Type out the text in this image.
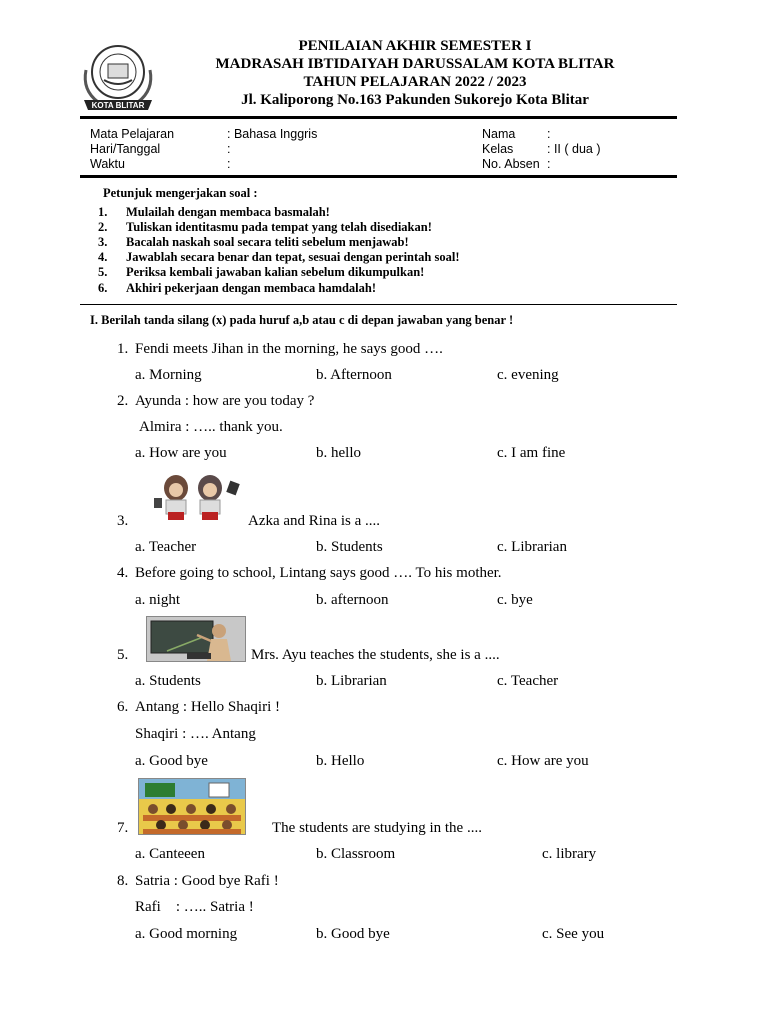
KOTA BLITAR
PENILAIAN AKHIR SEMESTER I
MADRASAH IBTIDAIYAH DARUSSALAM KOTA BLITAR
TAHUN PELAJARAN 2022 / 2023
Jl. Kaliporong No.163 Pakunden Sukorejo Kota Blitar
Mata Pelajaran	: Bahasa Inggris
Hari/Tanggal	:
Waktu	:
Nama	:
Kelas	: II ( dua )
No. Absen :
Petunjuk mengerjakan soal :
1.	Mulailah dengan membaca basmalah!
2.	Tuliskan identitasmu pada tempat yang telah disediakan!
3.	Bacalah naskah soal secara teliti sebelum menjawab!
4.	Jawablah secara benar dan tepat, sesuai dengan perintah soal!
5.	Periksa kembali jawaban kalian sebelum dikumpulkan!
6.	Akhiri pekerjaan dengan membaca hamdalah!
I. Berilah tanda silang (x) pada huruf a,b atau c di depan jawaban yang benar !
1. Fendi meets Jihan in the morning, he says good ….
a. Morning	b. Afternoon	c. evening
2. Ayunda : how are you today ?
Almira : ….. thank you.
a. How are you	b. hello	c. I am fine
3.	Azka and Rina is a ....
a. Teacher	b. Students	c. Librarian
4. Before going to school, Lintang says good …. To his mother.
a. night	b. afternoon	c. bye
5.	Mrs. Ayu teaches the students, she is a ....
a. Students	b. Librarian	c. Teacher
6. Antang : Hello Shaqiri !
Shaqiri : …. Antang
a. Good bye	b. Hello	c. How are you
7.	The students are studying in the ....
a. Canteeen	b. Classroom	c. library
8. Satria : Good bye Rafi !
Rafi    : ….. Satria !
a. Good morning	b. Good bye	c. See you
